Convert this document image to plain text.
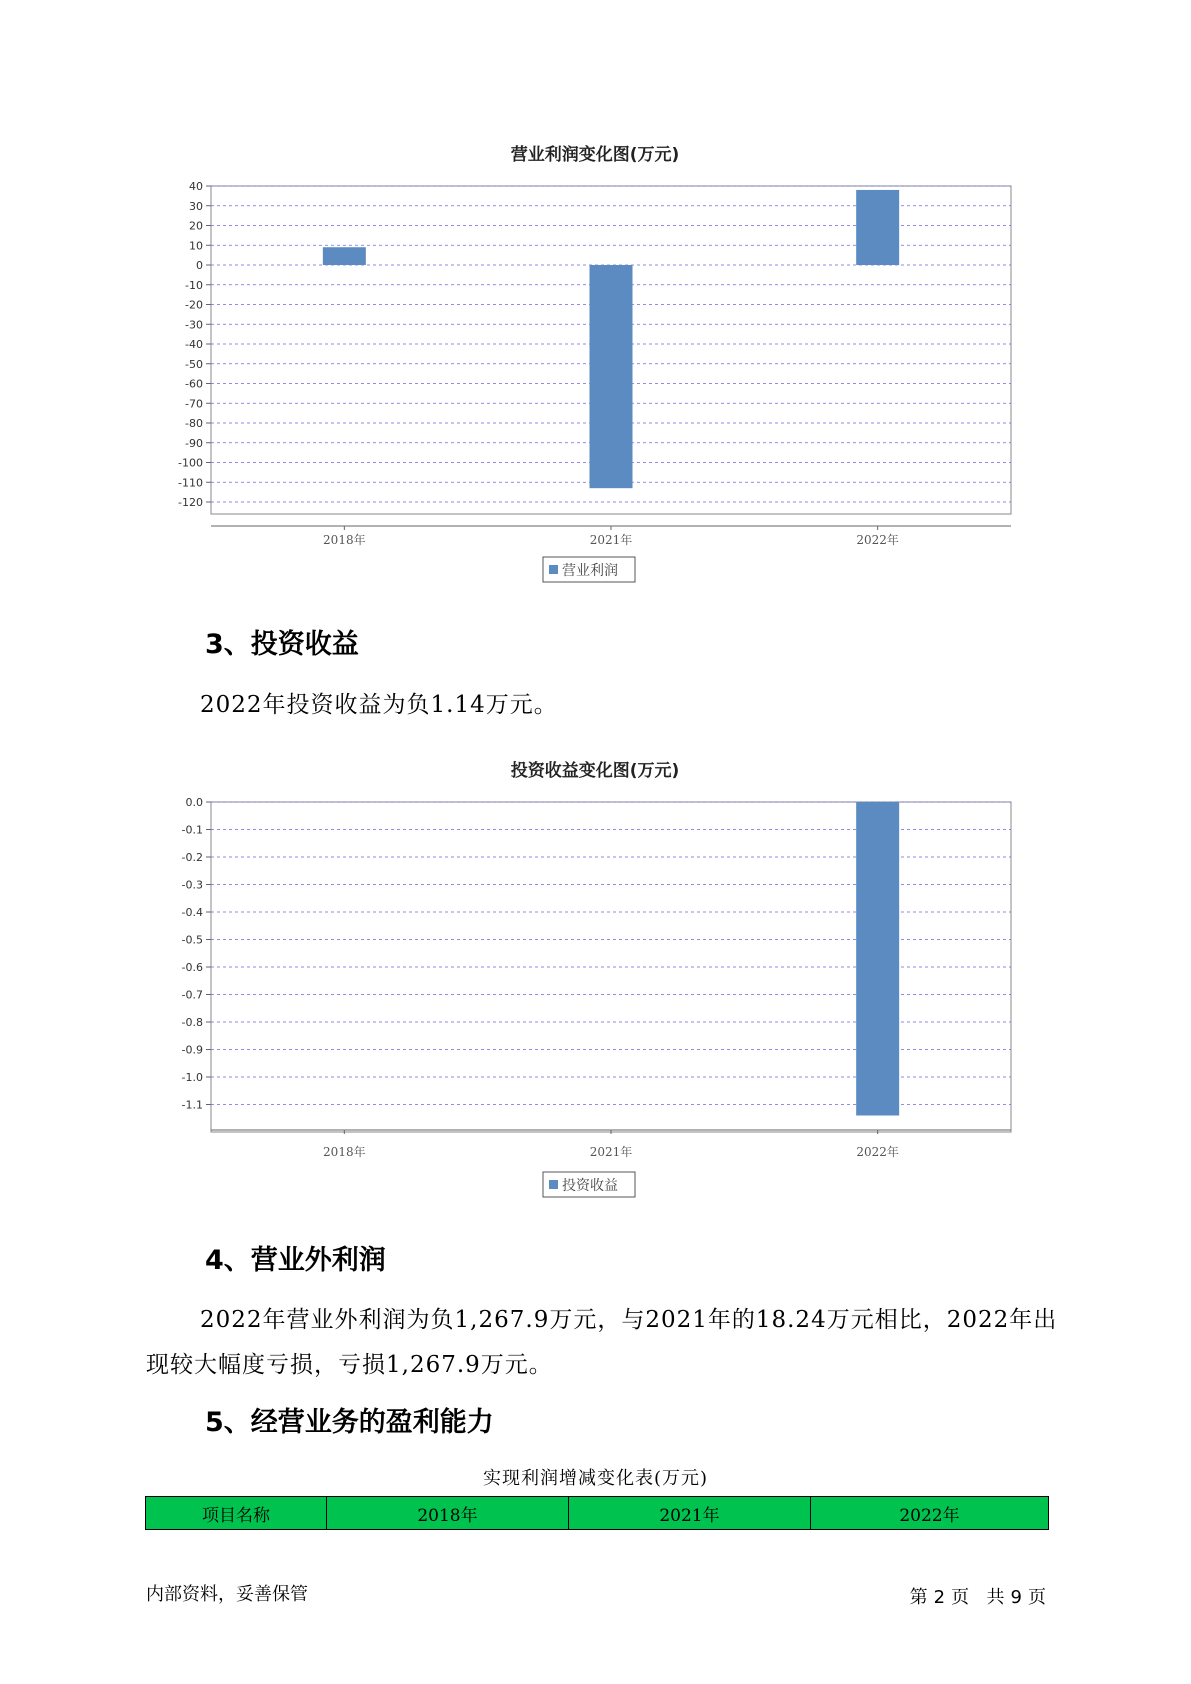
营业利润变化图(万元)
40
30
20
10
0
-10
-20
-30
-40
-50
-60
-70
-80
-90
-100
-110
-120
2018年	2021年	2022年
营业利润
3、投资收益

2022年投资收益为负1.14万元。

投资收益变化图(万元)
0.0
-0.1
-0.2
-0.3
-0.4
-0.5
-0.6
-0.7
-0.8
-0.9
-1.0
-1.1
2018年	2021年	2022年
投资收益
4、营业外利润

2022年营业外利润为负1,267.9万元，与2021年的18.24万元相比，2022年出现较大幅度亏损，亏损1,267.9万元。

5、经营业务的盈利能力
实现利润增减变化表(万元)
项目名称	2018年	2021年	2022年
内部资料，妥善保管	第 2 页 共 9 页
